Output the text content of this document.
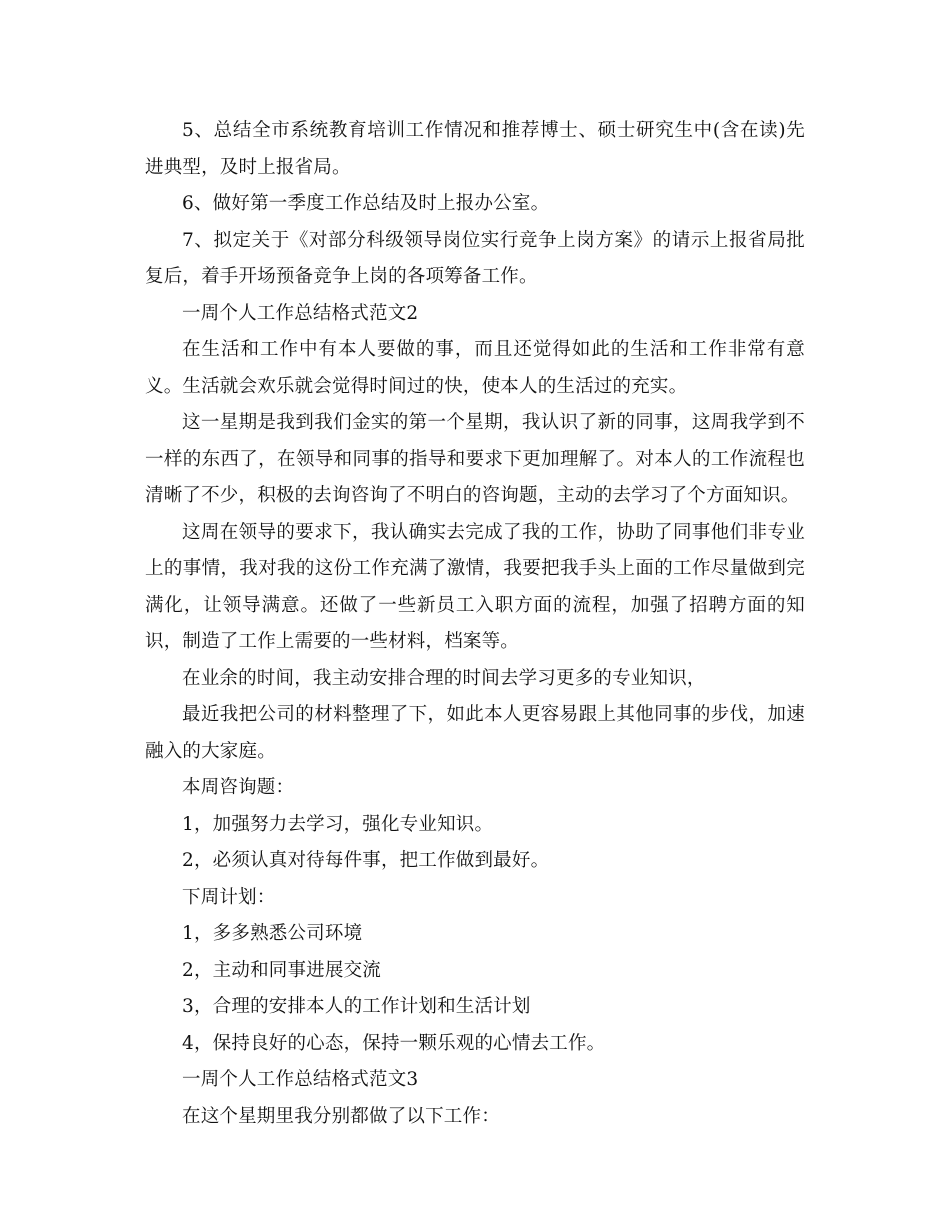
5、总结全市系统教育培训工作情况和推荐博士、硕士研究生中(含在读)先进典型，及时上报省局。

6、做好第一季度工作总结及时上报办公室。

7、拟定关于《对部分科级领导岗位实行竞争上岗方案》的请示上报省局批复后，着手开场预备竞争上岗的各项筹备工作。

一周个人工作总结格式范文2

在生活和工作中有本人要做的事，而且还觉得如此的生活和工作非常有意义。生活就会欢乐就会觉得时间过的快，使本人的生活过的充实。

这一星期是我到我们金实的第一个星期，我认识了新的同事，这周我学到不一样的东西了，在领导和同事的指导和要求下更加理解了。对本人的工作流程也清晰了不少，积极的去询咨询了不明白的咨询题，主动的去学习了个方面知识。

这周在领导的要求下，我认确实去完成了我的工作，协助了同事他们非专业上的事情，我对我的这份工作充满了激情，我要把我手头上面的工作尽量做到完满化，让领导满意。还做了一些新员工入职方面的流程，加强了招聘方面的知识，制造了工作上需要的一些材料，档案等。

在业余的时间，我主动安排合理的时间去学习更多的专业知识，

最近我把公司的材料整理了下，如此本人更容易跟上其他同事的步伐，加速融入的大家庭。

本周咨询题：

1，加强努力去学习，强化专业知识。

2，必须认真对待每件事，把工作做到最好。

下周计划：

1，多多熟悉公司环境

2，主动和同事进展交流

3，合理的安排本人的工作计划和生活计划

4，保持良好的心态，保持一颗乐观的心情去工作。

一周个人工作总结格式范文3

在这个星期里我分别都做了以下工作：
